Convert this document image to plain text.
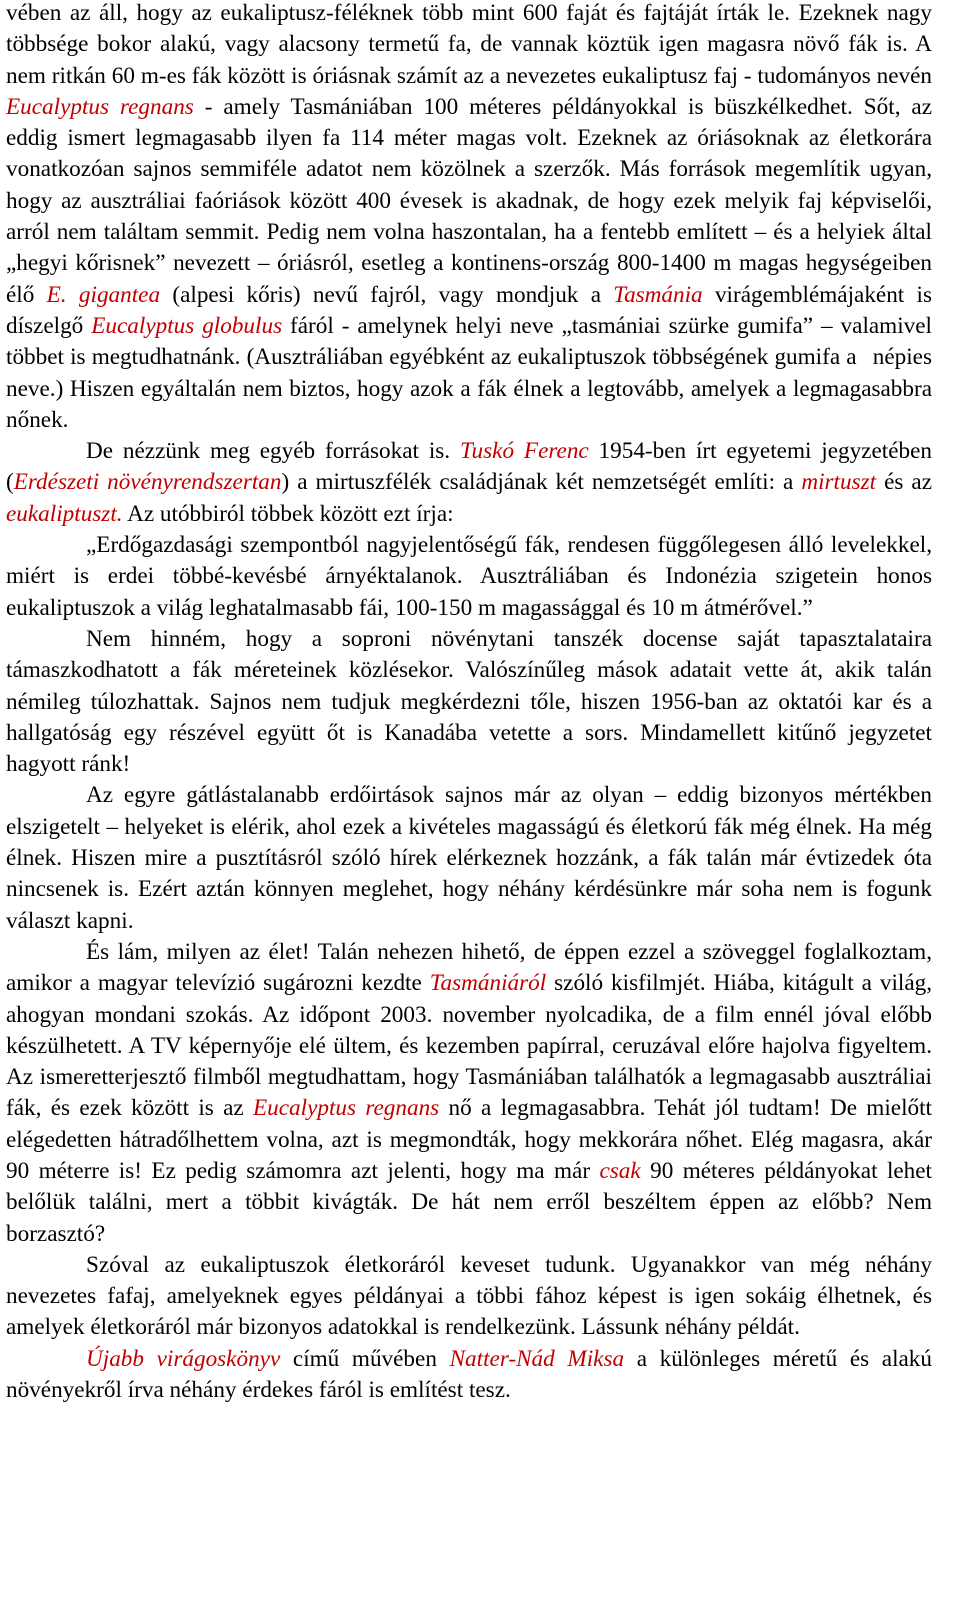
vében az áll, hogy az eukaliptusz-féléknek több mint 600 faját és fajtáját írták le. Ezeknek nagy többsége bokor alakú, vagy alacsony termetű fa, de vannak köztük igen magasra növő fák is. A nem ritkán 60 m-es fák között is óriásnak számít az a nevezetes eukaliptusz faj - tudományos nevén Eucalyptus regnans - amely Tasmániában 100 méteres példányokkal is büszkélkedhet. Sőt, az eddig ismert legmagasabb ilyen fa 114 méter magas volt. Ezeknek az óriásoknak az életkorára vonatkozóan sajnos semmiféle adatot nem közölnek a szerzők. Más források megemlítik ugyan, hogy az ausztráliai faóriások között 400 évesek is akadnak, de hogy ezek melyik faj képviselői, arról nem találtam semmit. Pedig nem volna haszontalan, ha a fentebb említett – és a helyiek által „hegyi kőrisnek” nevezett – óriásról, esetleg a kontinens-ország 800-1400 m magas hegységeiben élő E. gigantea (alpesi kőris) nevű fajról, vagy mondjuk a Tasmánia virágemblémájaként is díszelgő Eucalyptus globulus fáról - amelynek helyi neve „tasmániai szürke gumifa” – valamivel többet is megtudhatnánk. (Ausztráliában egyébként az eukaliptuszok többségének gumifa a népies neve.) Hiszen egyáltalán nem biztos, hogy azok a fák élnek a legtovább, amelyek a legmagasabbra nőnek.

De nézzünk meg egyéb forrásokat is. Tuskó Ferenc 1954-ben írt egyetemi jegyzetében (Erdészeti növényrendszertan) a mirtuszfélék családjának két nemzetségét említi: a mirtuszt és az eukaliptuszt. Az utóbbiról többek között ezt írja:

„Erdőgazdasági szempontból nagyjelentőségű fák, rendesen függőlegesen álló levelekkel, miért is erdei többé-kevésbé árnyéktalanok. Ausztráliában és Indonézia szigetein honos eukaliptuszok a világ leghatalmasabb fái, 100-150 m magassággal és 10 m átmérővel.”

Nem hinném, hogy a soproni növénytani tanszék docense saját tapasztalataira támaszkodhatott a fák méreteinek közlésekor. Valószínűleg mások adatait vette át, akik talán némileg túlozhattak. Sajnos nem tudjuk megkérdezni tőle, hiszen 1956-ban az oktatói kar és a hallgatóság egy részével együtt őt is Kanadába vetette a sors. Mindamellett kitűnő jegyzetet hagyott ránk!

Az egyre gátlástalanabb erdőirtások sajnos már az olyan – eddig bizonyos mértékben elszigetelt – helyeket is elérik, ahol ezek a kivételes magasságú és életkorú fák még élnek. Ha még élnek. Hiszen mire a pusztításról szóló hírek elérkeznek hozzánk, a fák talán már évtizedek óta nincsenek is. Ezért aztán könnyen meglehet, hogy néhány kérdésünkre már soha nem is fogunk választ kapni.

És lám, milyen az élet! Talán nehezen hihető, de éppen ezzel a szöveggel foglalkoztam, amikor a magyar televízió sugározni kezdte Tasmániáról szóló kisfilmjét. Hiába, kitágult a világ, ahogyan mondani szokás. Az időpont 2003. november nyolcadika, de a film ennél jóval előbb készülhetett. A TV képernyője elé ültem, és kezemben papírral, ceruzával előre hajolva figyeltem. Az ismeretterjesztő filmből megtudhattam, hogy Tasmániában találhatók a legmagasabb ausztráliai fák, és ezek között is az Eucalyptus regnans nő a legmagasabbra. Tehát jól tudtam! De mielőtt elégedetten hátradőlhettem volna, azt is megmondták, hogy mekkorára nőhet. Elég magasra, akár 90 méterre is! Ez pedig számomra azt jelenti, hogy ma már csak 90 méteres példányokat lehet belőlük találni, mert a többit kivágták. De hát nem erről beszéltem éppen az előbb? Nem borzasztó?

Szóval az eukaliptuszok életkoráról keveset tudunk. Ugyanakkor van még néhány nevezetes fafaj, amelyeknek egyes példányai a többi fához képest is igen sokáig élhetnek, és amelyek életkoráról már bizonyos adatokkal is rendelkezünk. Lássunk néhány példát.

Újabb virágoskönyv című művében Natter-Nád Miksa a különleges méretű és alakú növényekről írva néhány érdekes fáról is említést tesz.
